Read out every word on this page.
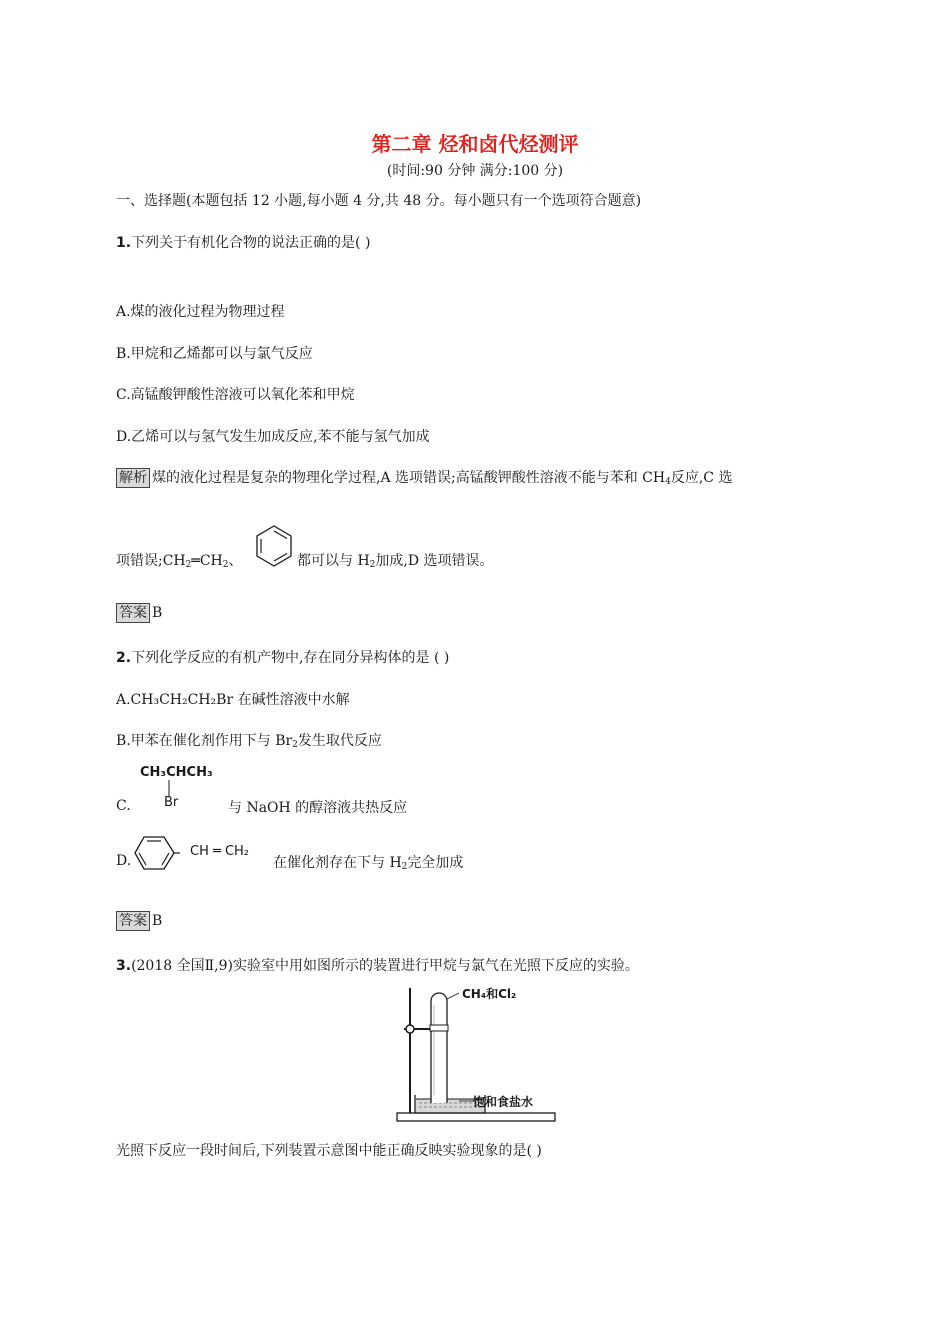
第二章 烃和卤代烃测评
(时间:90 分钟 满分:100 分)
一、选择题(本题包括 12 小题,每小题 4 分,共 48 分。每小题只有一个选项符合题意)
1.下列关于有机化合物的说法正确的是( )
A.煤的液化过程为物理过程
B.甲烷和乙烯都可以与氯气反应
C.高锰酸钾酸性溶液可以氧化苯和甲烷
D.乙烯可以与氢气发生加成反应,苯不能与氢气加成
解析 煤的液化过程是复杂的物理化学过程,A 选项错误;高锰酸钾酸性溶液不能与苯和 $CH_4$反应,C 选
项错误$;CH_2═CH_2$、	都可以与 $H_2$加成,D 选项错误。
答案 B
2.下列化学反应的有机产物中,存在同分异构体的是 ( )
A.CH₃CH₂CH₂Br 在碱性溶液中水解
B.甲苯在催化剂作用下与 $Br_2$发生取代反应
CH₃CHCH₃
Br
C.	与 NaOH 的醇溶液共热反应
D.
CH ═ CH₂
在催化剂存在下与 $H_2$完全加成
答案 B
3.(2018 全国Ⅱ,9)实验室中用如图所示的装置进行甲烷与氯气在光照下反应的实验。
CH₄和Cl₂
饱和食盐水
光照下反应一段时间后,下列装置示意图中能正确反映实验现象的是( )
